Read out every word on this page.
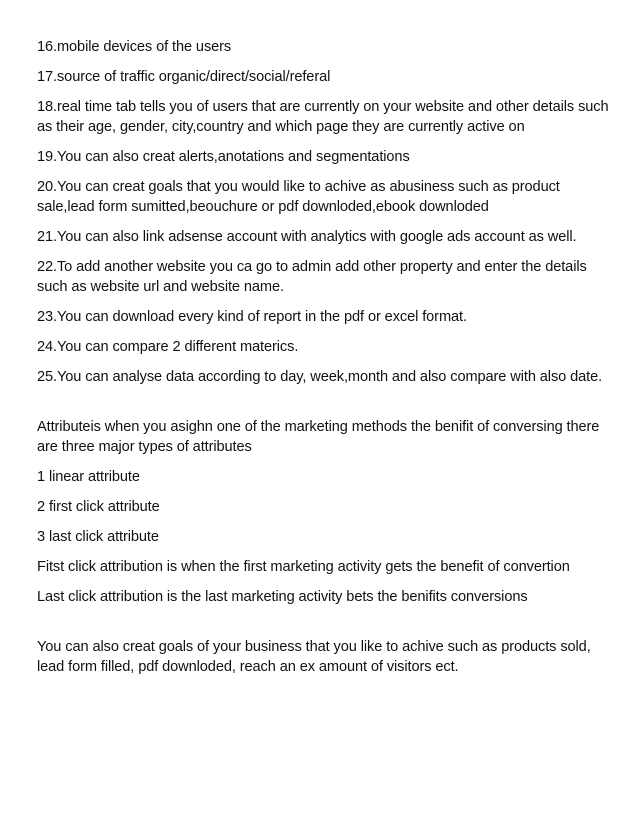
16.mobile devices of the users

17.source of traffic organic/direct/social/referal

18.real time tab tells you of users that are currently on your website and other details such as their age, gender, city,country and which page they are currently active on

19.You can also creat alerts,anotations and segmentations

20.You can creat goals that you would like to achive as abusiness such as product sale,lead form sumitted,beouchure or pdf downloded,ebook downloded

21.You can also link adsense account with analytics with google ads account as well.

22.To add another website you ca go to admin add other property and enter the details such as website url and website name.

23.You can download every kind of report in the pdf or excel format.

24.You can compare 2 different materics.

25.You can analyse data according to day, week,month and also compare with also date.

Attributeis when you asighn one of the marketing methods the benifit of conversing there are three major types of attributes

1 linear attribute

2 first click attribute

3 last click attribute

Fitst click attribution is when the first marketing activity gets the benefit of convertion

Last click attribution is the last marketing activity bets the benifits conversions

You can also creat goals of your business that you like to achive such as products sold, lead form filled, pdf downloded, reach an ex amount of visitors ect.
